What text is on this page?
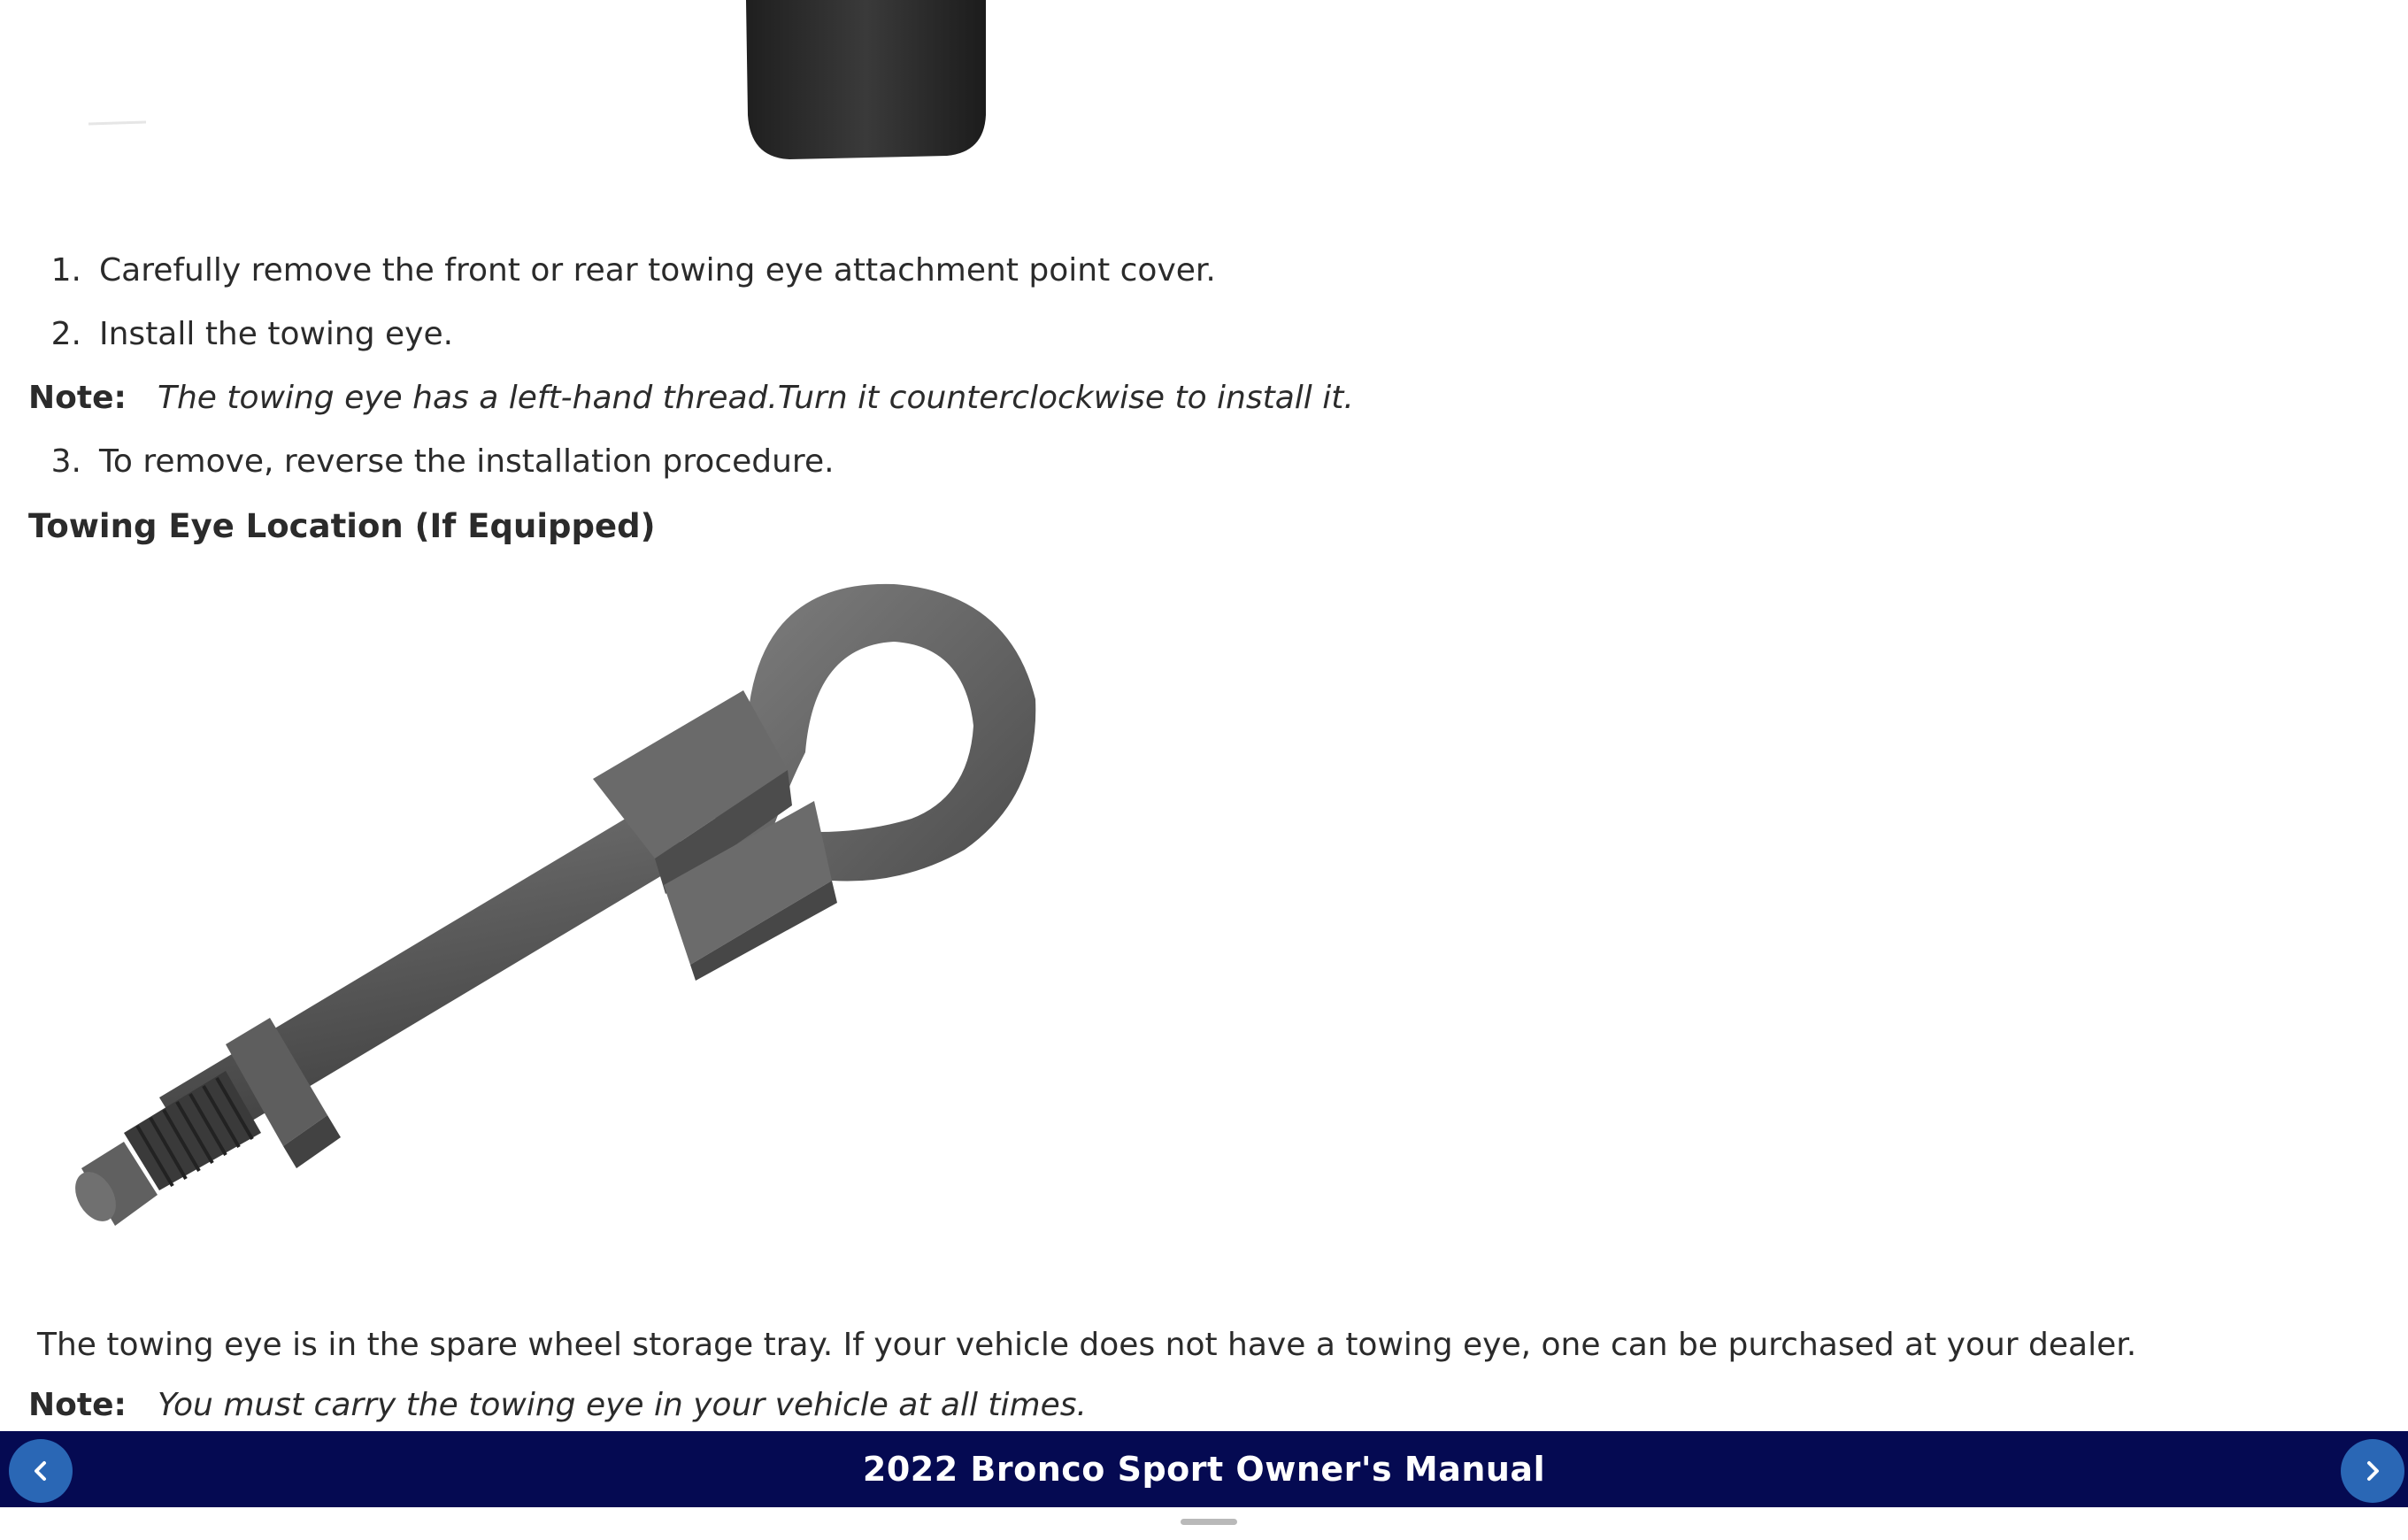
1. Carefully remove the front or rear towing eye attachment point cover.
2. Install the towing eye.
Note: The towing eye has a left-hand thread.Turn it counterclockwise to install it.
3. To remove, reverse the installation procedure.
Towing Eye Location (If Equipped)
The towing eye is in the spare wheel storage tray. If your vehicle does not have a towing eye, one can be purchased at your dealer.
Note: You must carry the towing eye in your vehicle at all times.
2022 Bronco Sport Owner's Manual
